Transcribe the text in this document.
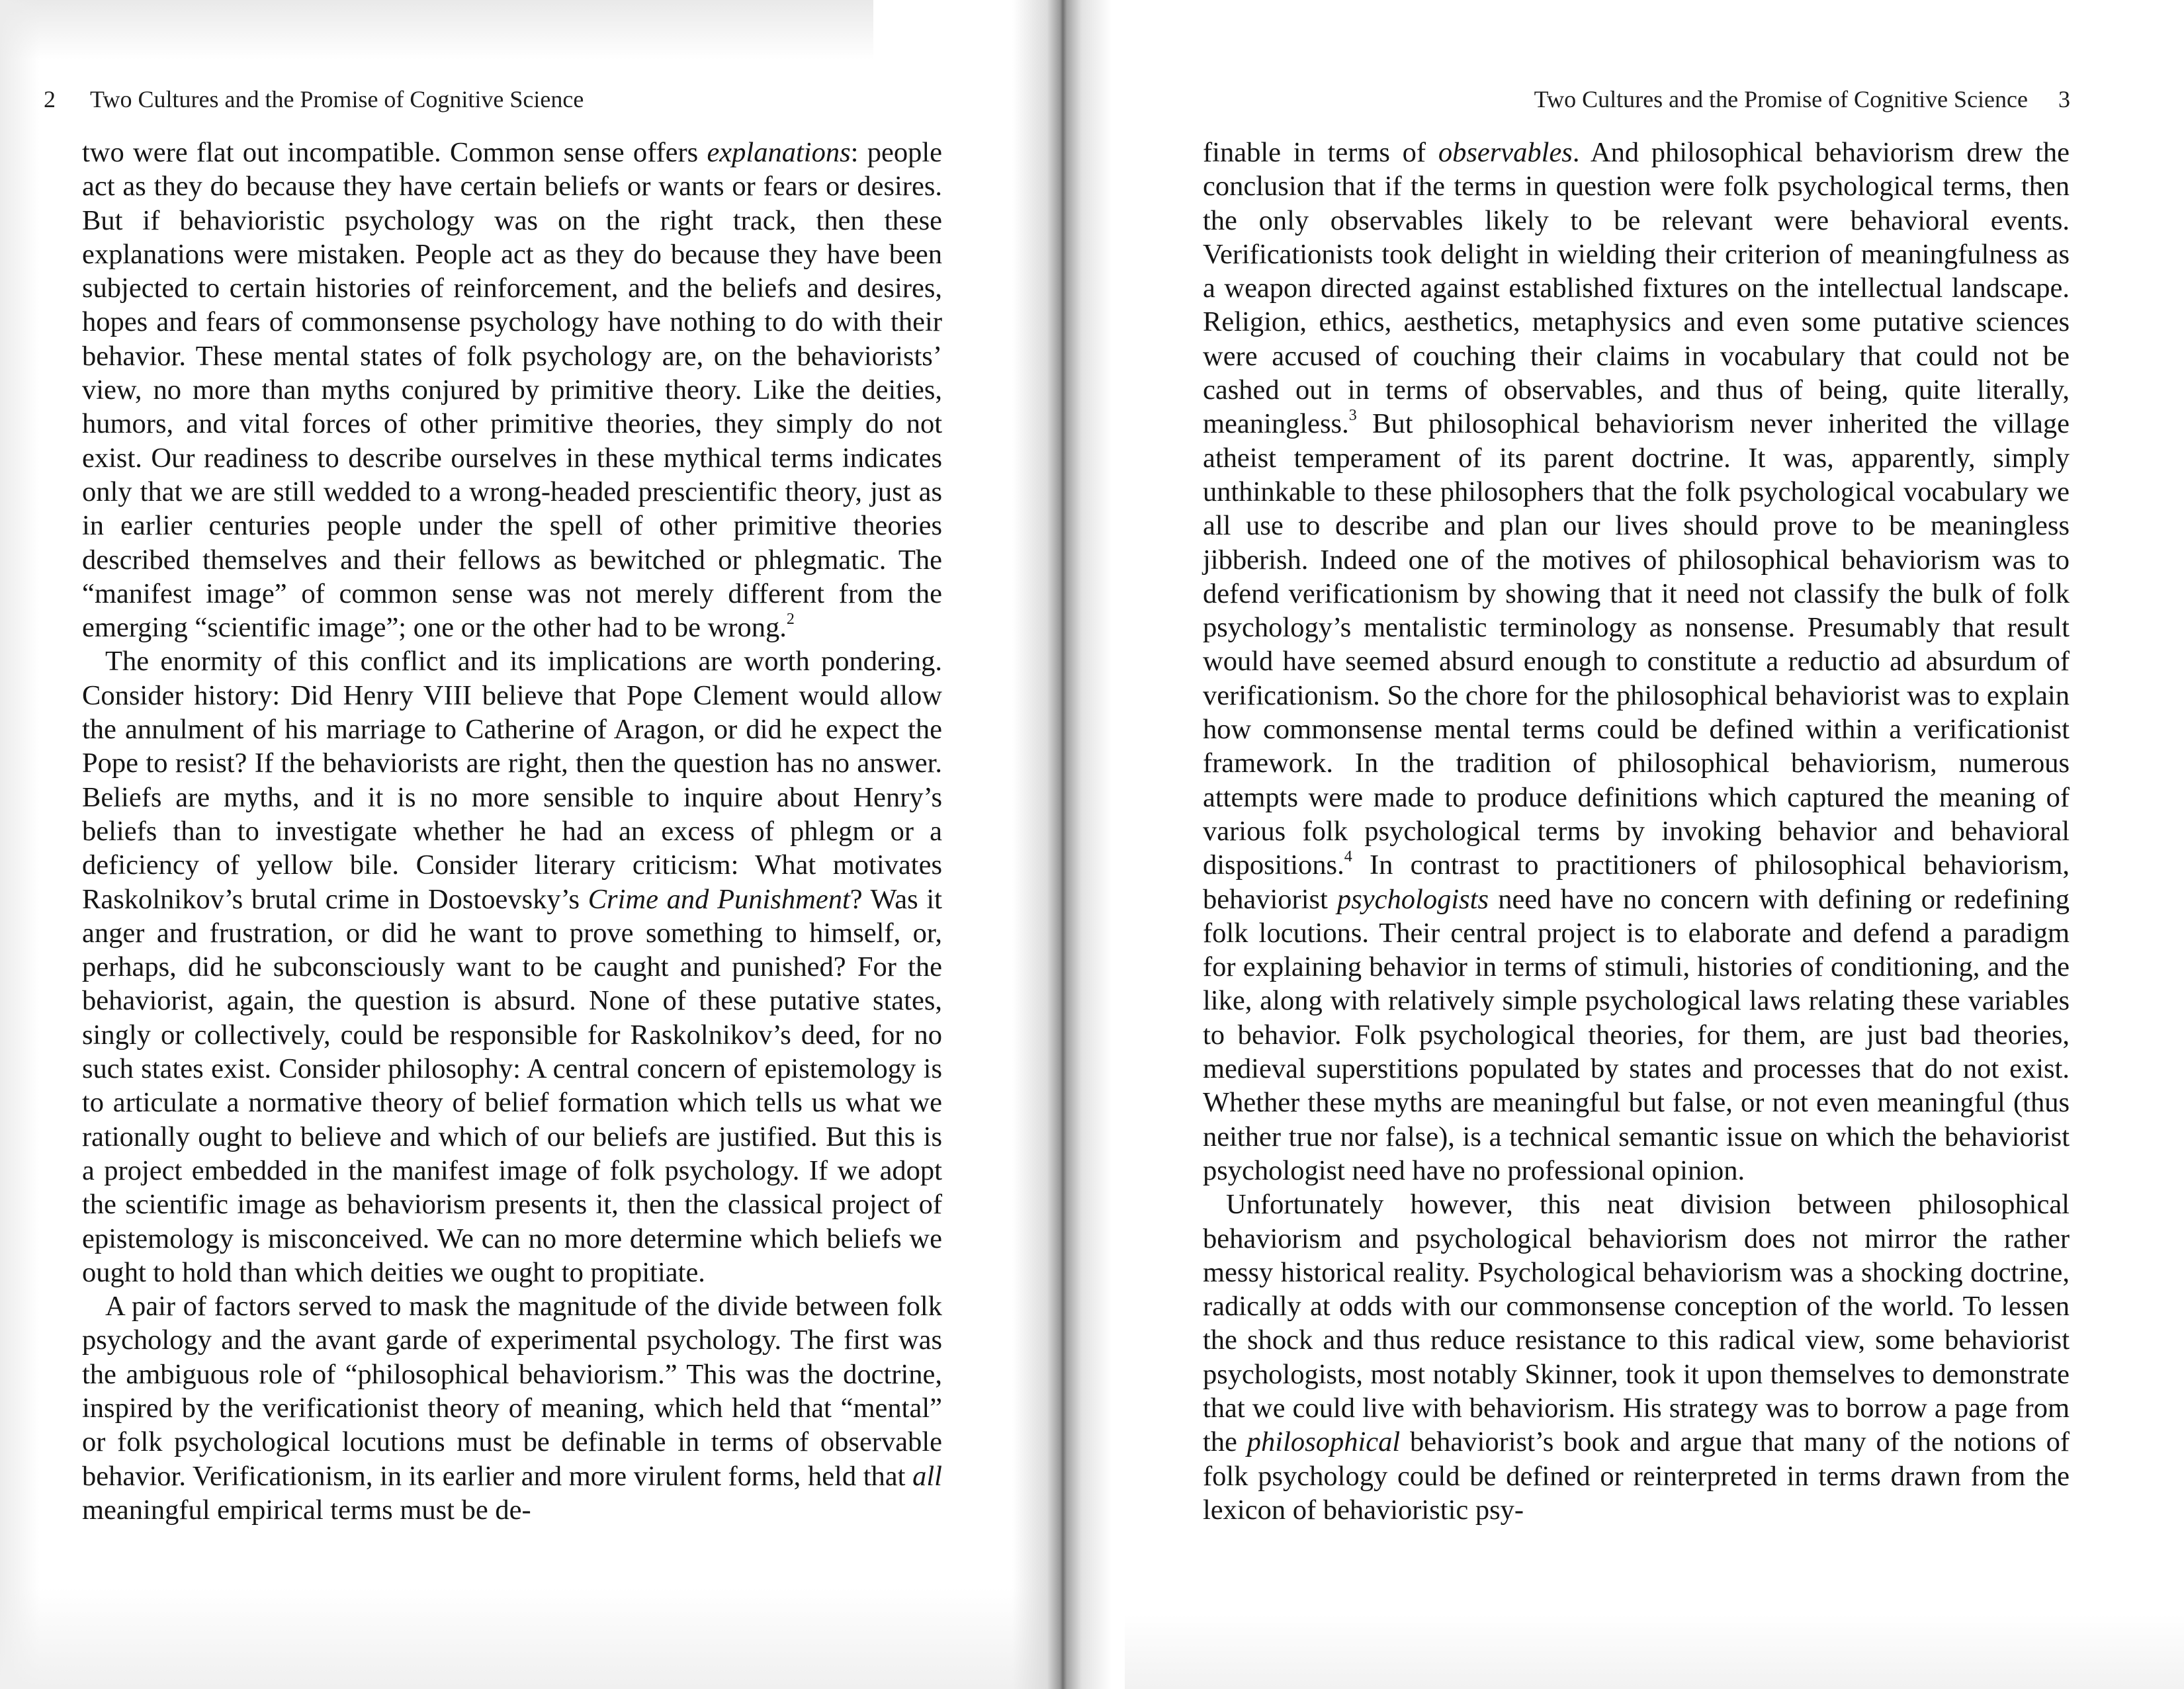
2 Two Cultures and the Promise of Cognitive Science

two were flat out incompatible. Common sense offers explanations: people act as they do because they have certain beliefs or wants or fears or desires. But if behavioristic psychology was on the right track, then these explanations were mistaken. People act as they do because they have been subjected to certain histories of reinforcement, and the beliefs and desires, hopes and fears of commonsense psychology have nothing to do with their behavior. These mental states of folk psychology are, on the behaviorists’ view, no more than myths conjured by primitive theory. Like the deities, humors, and vital forces of other primitive theories, they simply do not exist. Our readiness to describe ourselves in these mythical terms indicates only that we are still wedded to a wrong-headed prescientific theory, just as in earlier centuries people under the spell of other primitive theories described themselves and their fellows as bewitched or phlegmatic. The “manifest image” of common sense was not merely different from the emerging “scientific image”; one or the other had to be wrong.$^2$

The enormity of this conflict and its implications are worth pondering. Consider history: Did Henry VIII believe that Pope Clement would allow the annulment of his marriage to Catherine of Aragon, or did he expect the Pope to resist? If the behaviorists are right, then the question has no answer. Beliefs are myths, and it is no more sensible to inquire about Henry’s beliefs than to investigate whether he had an excess of phlegm or a deficiency of yellow bile. Consider literary criticism: What motivates Raskolnikov’s brutal crime in Dostoevsky’s Crime and Punishment? Was it anger and frustration, or did he want to prove something to himself, or, perhaps, did he subconsciously want to be caught and punished? For the behaviorist, again, the question is absurd. None of these putative states, singly or collectively, could be responsible for Raskolnikov’s deed, for no such states exist. Consider philosophy: A central concern of epistemology is to articulate a normative theory of belief formation which tells us what we rationally ought to believe and which of our beliefs are justified. But this is a project embedded in the manifest image of folk psychology. If we adopt the scientific image as behaviorism presents it, then the classical project of epistemology is misconceived. We can no more determine which beliefs we ought to hold than which deities we ought to propitiate.

A pair of factors served to mask the magnitude of the divide between folk psychology and the avant garde of experimental psychology. The first was the ambiguous role of “philosophical behaviorism.” This was the doctrine, inspired by the verificationist theory of meaning, which held that “mental” or folk psychological locutions must be definable in terms of observable behavior. Verificationism, in its earlier and more virulent forms, held that all meaningful empirical terms must be de-

Two Cultures and the Promise of Cognitive Science 3

finable in terms of observables. And philosophical behaviorism drew the conclusion that if the terms in question were folk psychological terms, then the only observables likely to be relevant were behavioral events. Verificationists took delight in wielding their criterion of meaningfulness as a weapon directed against established fixtures on the intellectual landscape. Religion, ethics, aesthetics, metaphysics and even some putative sciences were accused of couching their claims in vocabulary that could not be cashed out in terms of observables, and thus of being, quite literally, meaningless.$^3$ But philosophical behaviorism never inherited the village atheist temperament of its parent doctrine. It was, apparently, simply unthinkable to these philosophers that the folk psychological vocabulary we all use to describe and plan our lives should prove to be meaningless jibberish. Indeed one of the motives of philosophical behaviorism was to defend verificationism by showing that it need not classify the bulk of folk psychology’s mentalistic terminology as nonsense. Presumably that result would have seemed absurd enough to constitute a reductio ad absurdum of verificationism. So the chore for the philosophical behaviorist was to explain how commonsense mental terms could be defined within a verificationist framework. In the tradition of philosophical behaviorism, numerous attempts were made to produce definitions which captured the meaning of various folk psychological terms by invoking behavior and behavioral dispositions.$^4$ In contrast to practitioners of philosophical behaviorism, behaviorist psychologists need have no concern with defining or redefining folk locutions. Their central project is to elaborate and defend a paradigm for explaining behavior in terms of stimuli, histories of conditioning, and the like, along with relatively simple psychological laws relating these variables to behavior. Folk psychological theories, for them, are just bad theories, medieval superstitions populated by states and processes that do not exist. Whether these myths are meaningful but false, or not even meaningful (thus neither true nor false), is a technical semantic issue on which the behaviorist psychologist need have no professional opinion.

Unfortunately however, this neat division between philosophical behaviorism and psychological behaviorism does not mirror the rather messy historical reality. Psychological behaviorism was a shocking doctrine, radically at odds with our commonsense conception of the world. To lessen the shock and thus reduce resistance to this radical view, some behaviorist psychologists, most notably Skinner, took it upon themselves to demonstrate that we could live with behaviorism. His strategy was to borrow a page from the philosophical behaviorist’s book and argue that many of the notions of folk psychology could be defined or reinterpreted in terms drawn from the lexicon of behavioristic psy-
